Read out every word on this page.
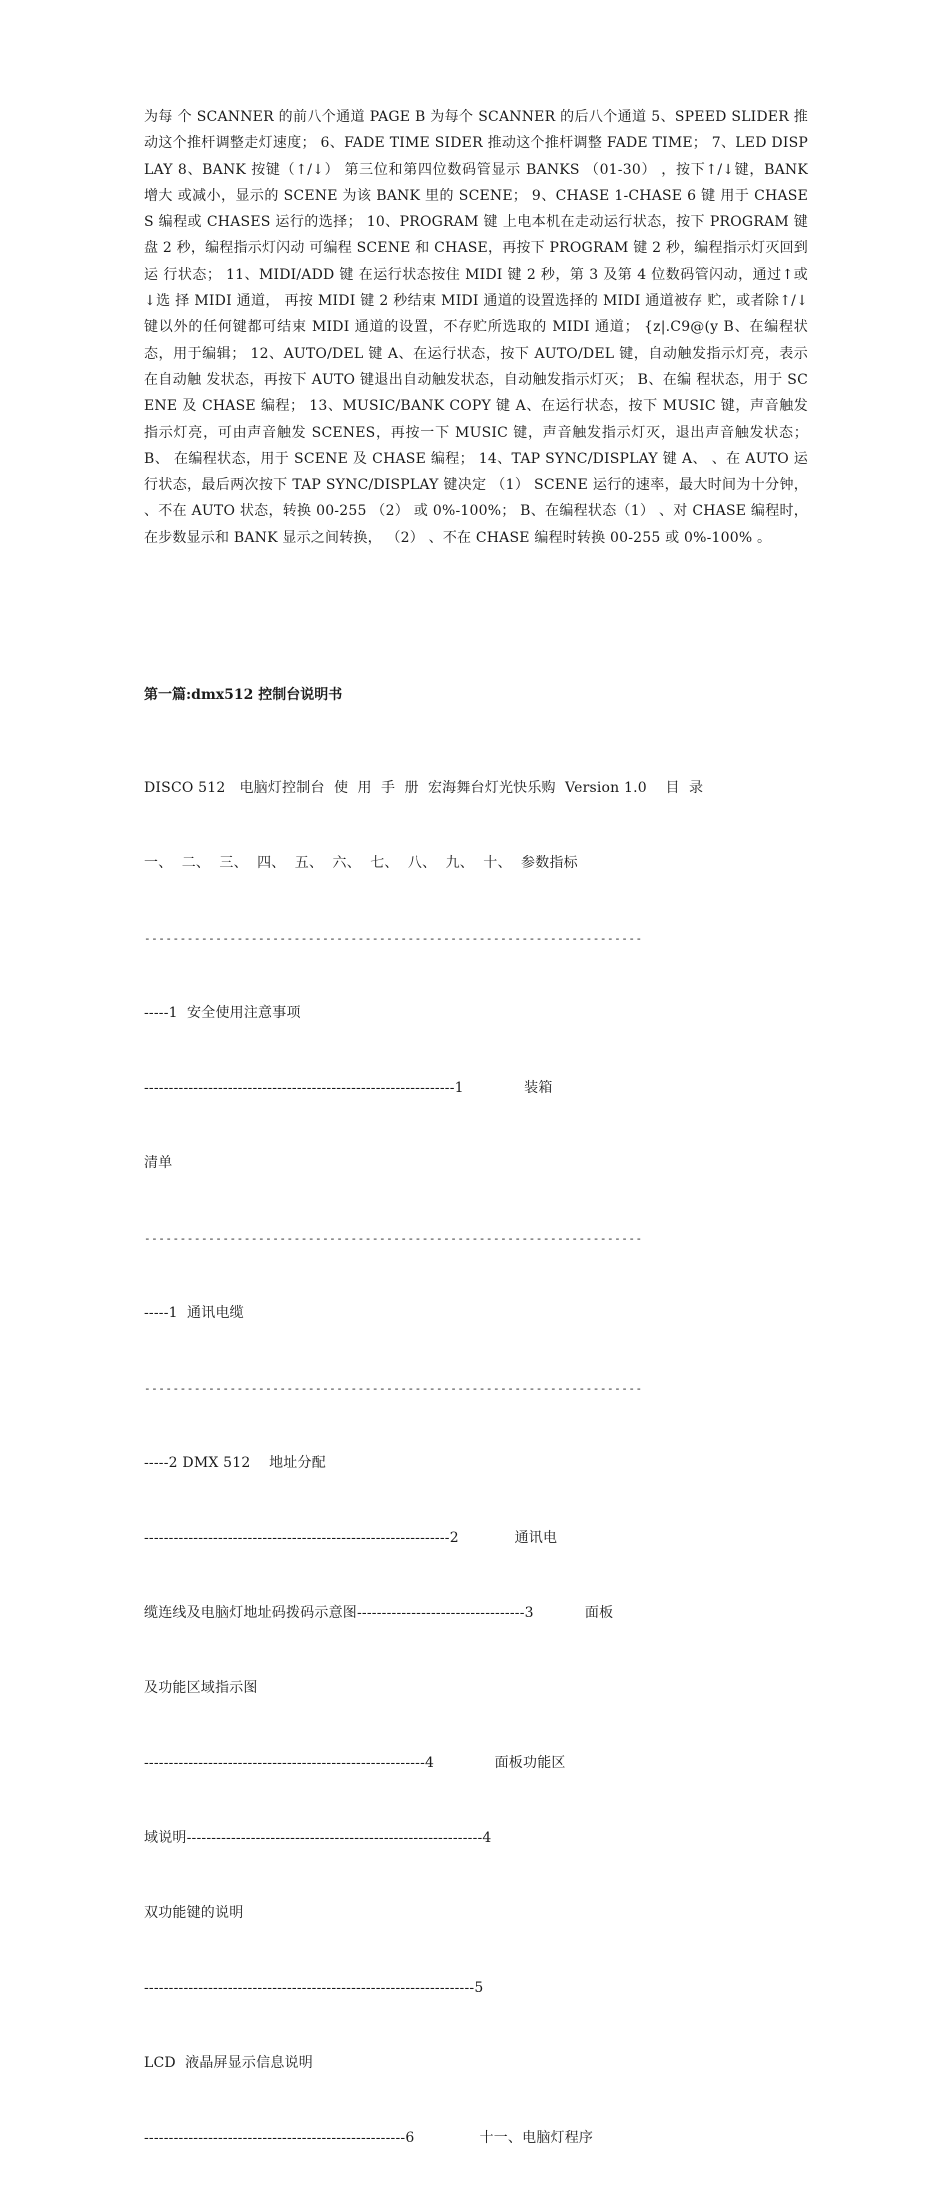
为每 个 SCANNER 的前八个通道 PAGE B 为每个 SCANNER 的后八个通道 5、SPEED SLIDER 推动这个推杆调整走灯速度； 6、FADE TIME SIDER 推动这个推杆调整 FADE TIME； 7、LED DISPLAY 8、BANK 按键（↑/↓） 第三位和第四位数码管显示 BANKS （01-30） ，按下↑/↓键，BANK 增大 或减小，显示的 SCENE 为该 BANK 里的 SCENE； 9、CHASE 1-CHASE 6 键 用于 CHASES 编程或 CHASES 运行的选择； 10、PROGRAM 键 上电本机在走动运行状态，按下 PROGRAM 键盘 2 秒，编程指示灯闪动 可编程 SCENE 和 CHASE，再按下 PROGRAM 键 2 秒，编程指示灯灭回到运 行状态； 11、MIDI/ADD 键 在运行状态按住 MIDI 键 2 秒，第 3 及第 4 位数码管闪动，通过↑或↓选 择 MIDI 通道， 再按 MIDI 键 2 秒结束 MIDI 通道的设置选择的 MIDI 通道被存 贮，或者除↑/↓键以外的任何键都可结束 MIDI 通道的设置，不存贮所选取的 MIDI 通道； {z|.C9@(y B、在编程状态，用于编辑； 12、AUTO/DEL 键 A、在运行状态，按下 AUTO/DEL 键，自动触发指示灯亮，表示在自动触 发状态，再按下 AUTO 键退出自动触发状态，自动触发指示灯灭； B、在编 程状态，用于 SCENE 及 CHASE 编程； 13、MUSIC/BANK COPY 键 A、在运行状态，按下 MUSIC 键，声音触发指示灯亮，可由声音触发 SCENES，再按一下 MUSIC 键，声音触发指示灯灭，退出声音触发状态； B、 在编程状态，用于 SCENE 及 CHASE 编程； 14、TAP SYNC/DISPLAY 键 A、 、在 AUTO 运行状态，最后两次按下 TAP SYNC/DISPLAY 键决定 （1） SCENE 运行的速率，最大时间为十分钟， 、不在 AUTO 状态，转换 00-255 （2） 或 0%-100%； B、在编程状态（1） 、对 CHASE 编程时，在步数显示和 BANK 显示之间转换， （2） 、不在 CHASE 编程时转换 00-255 或 0%-100% 。

第一篇:dmx512 控制台说明书

DISCO 512   电脑灯控制台  使  用  手  册  宏海舞台灯光快乐购  Version 1.0    目  录

一、  二、  三、  四、  五、  六、  七、  八、  九、  十、  参数指标

----------------------------------------------------------------------

-----1  安全使用注意事项

---------------------------------------------------------------1             装箱

清单

----------------------------------------------------------------------

-----1  通讯电缆

----------------------------------------------------------------------

-----2 DMX 512    地址分配

--------------------------------------------------------------2            通讯电

缆连线及电脑灯地址码拨码示意图----------------------------------3           面板

及功能区域指示图

---------------------------------------------------------4             面板功能区

域说明------------------------------------------------------------4

双功能键的说明

-------------------------------------------------------------------5

LCD  液晶屏显示信息说明

-----------------------------------------------------6              十一、电脑灯程序
